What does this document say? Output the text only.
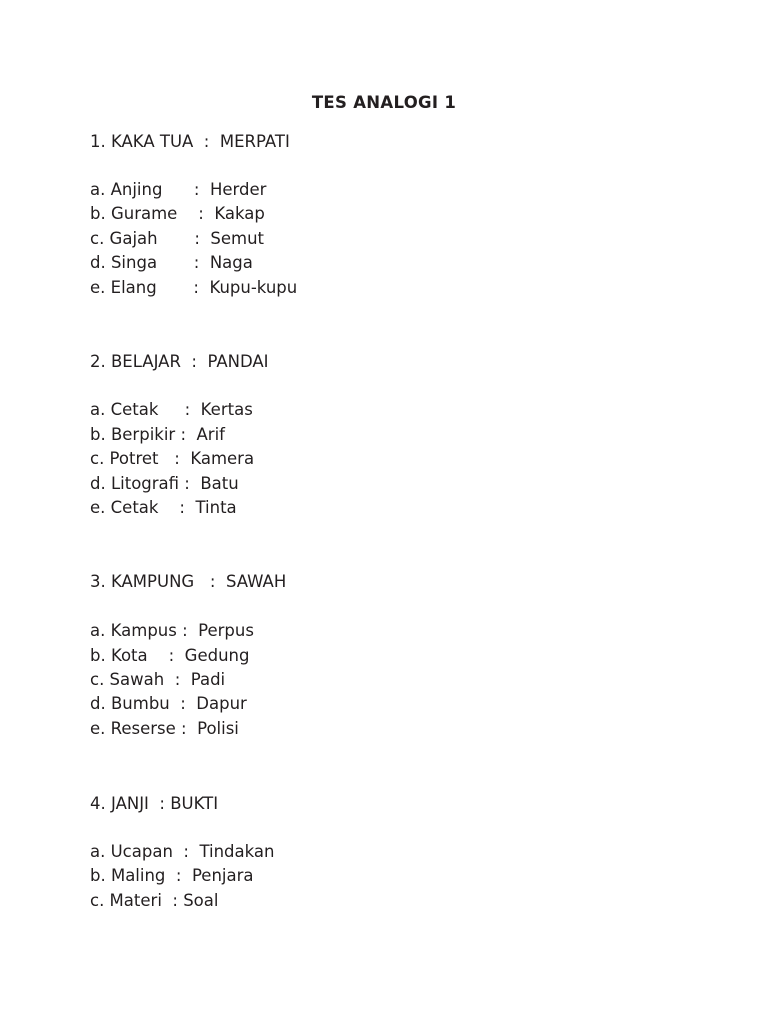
TES ANALOGI 1
1. KAKA TUA  :  MERPATI
a. Anjing      :  Herder
b. Gurame    :  Kakap
c. Gajah       :  Semut
d. Singa       :  Naga
e. Elang       :  Kupu-kupu
2. BELAJAR  :  PANDAI
a. Cetak     :  Kertas
b. Berpikir :  Arif
c. Potret   :  Kamera
d. Litografi :  Batu
e. Cetak    :  Tinta
3. KAMPUNG   :  SAWAH
a. Kampus :  Perpus
b. Kota    :  Gedung
c. Sawah  :  Padi
d. Bumbu  :  Dapur
e. Reserse :  Polisi
4. JANJI  : BUKTI
a. Ucapan  :  Tindakan
b. Maling  :  Penjara
c. Materi  : Soal
